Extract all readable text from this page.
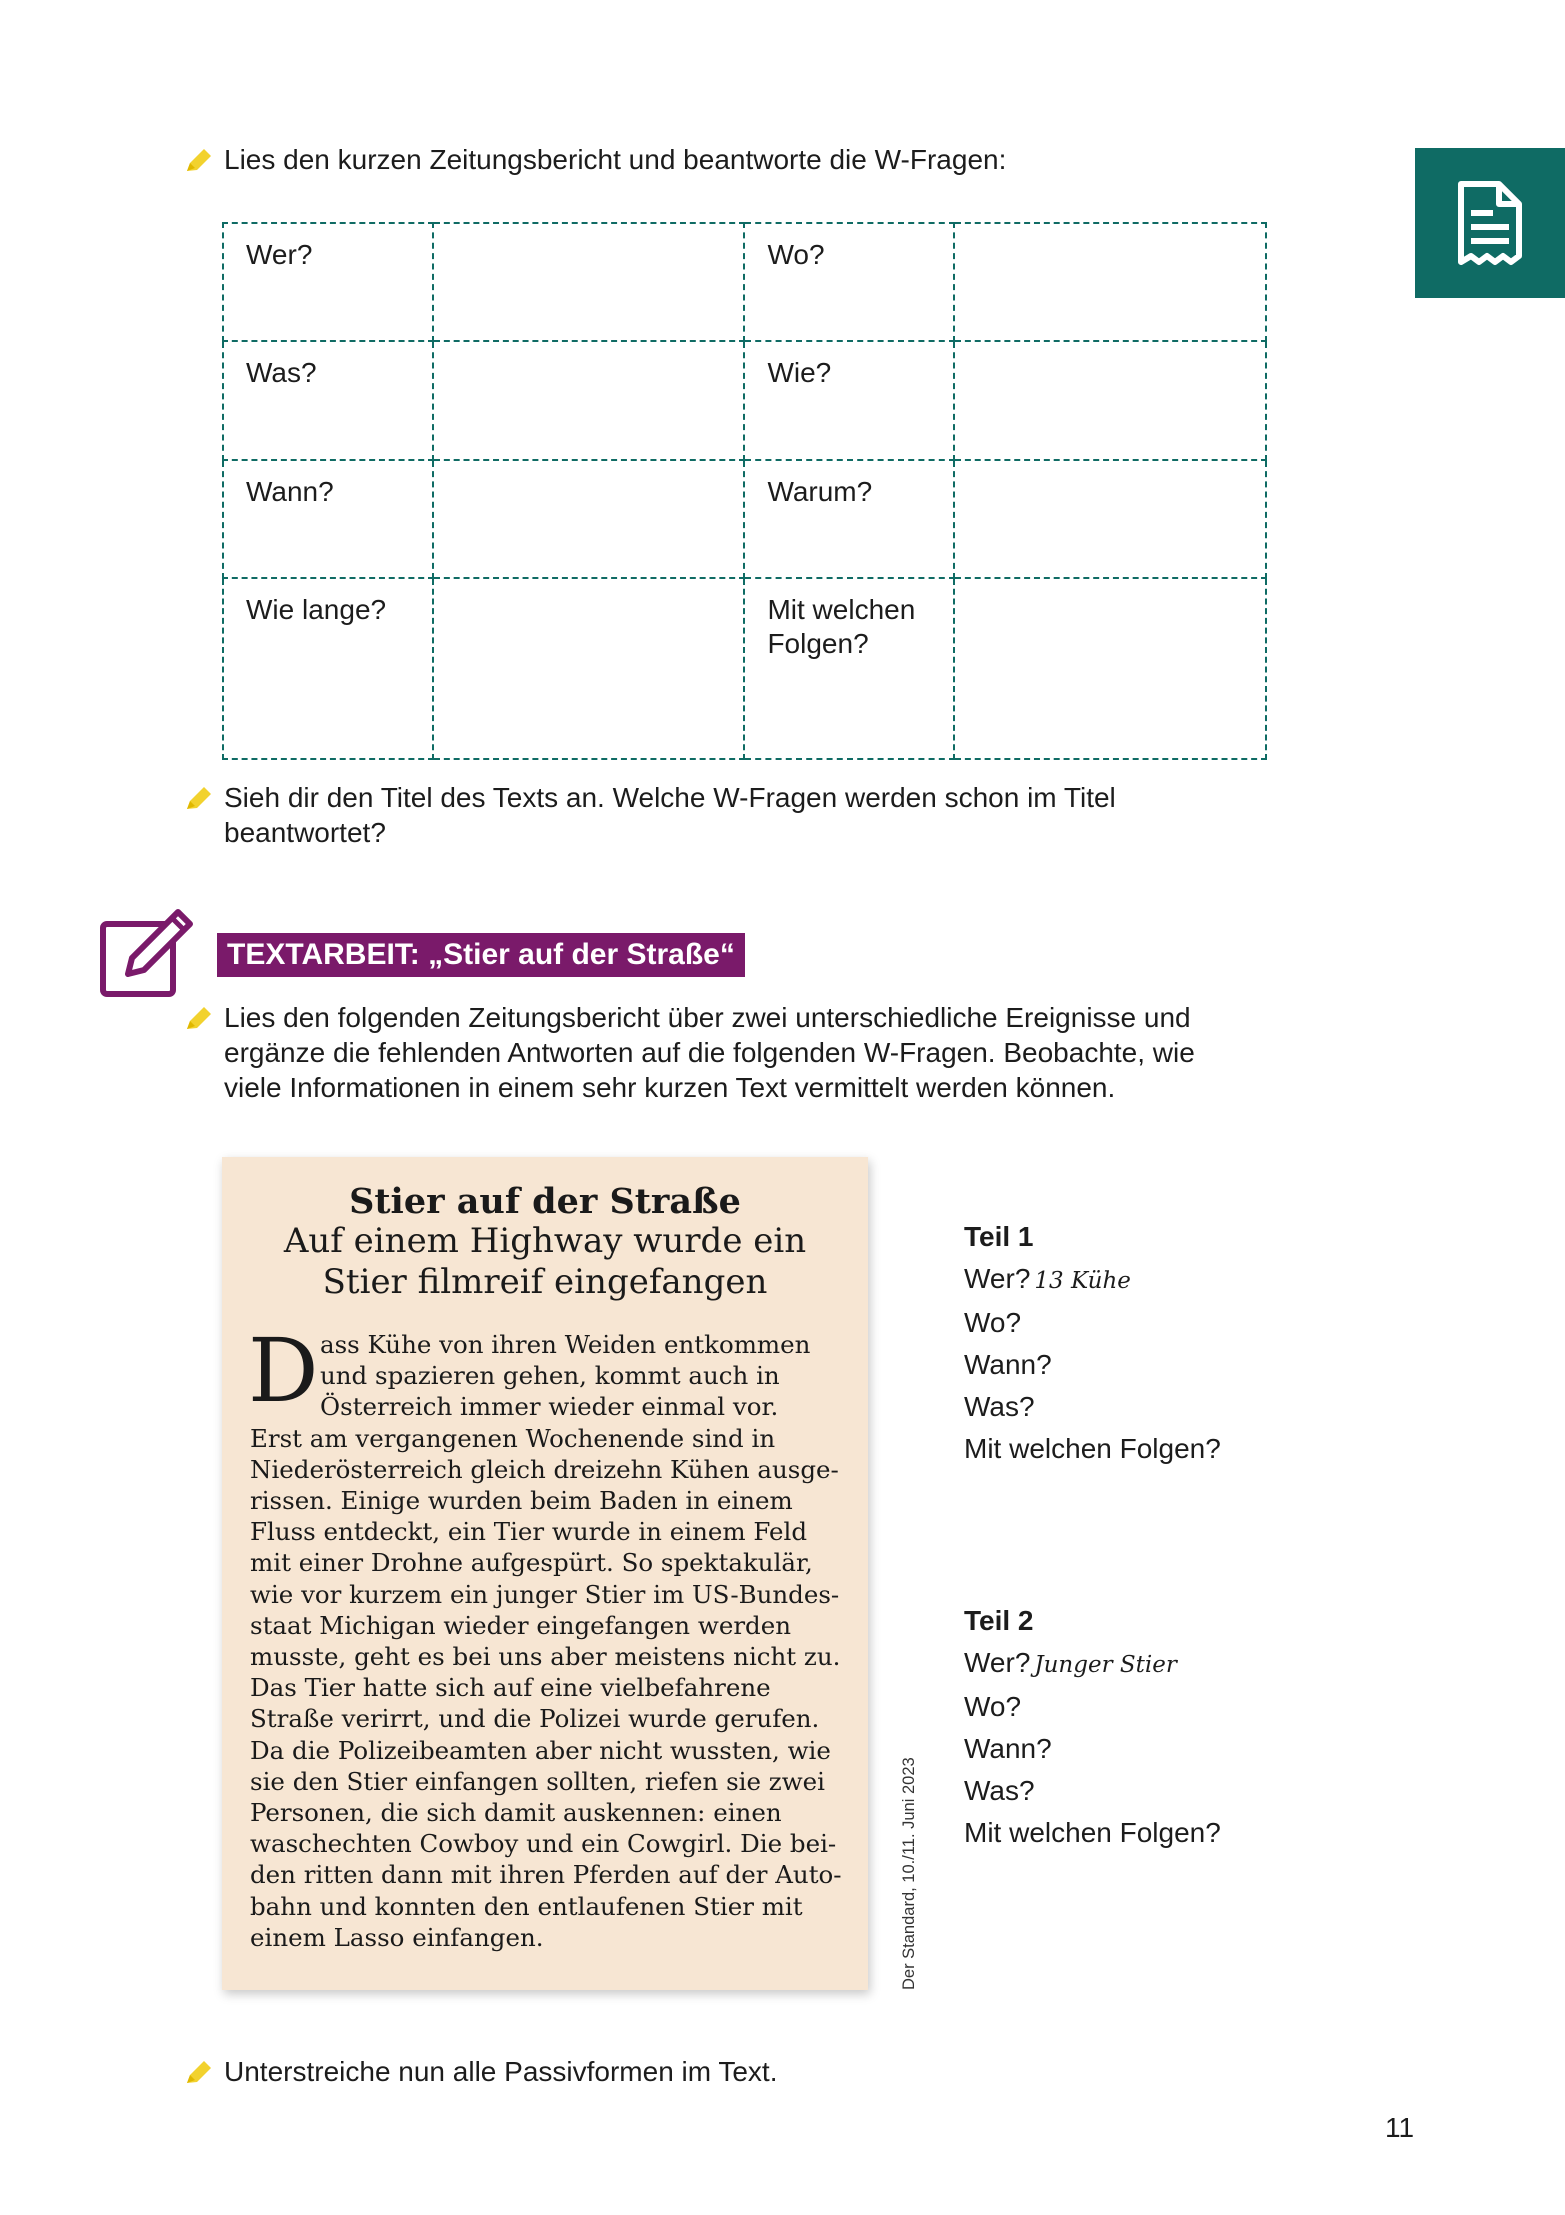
Lies den kurzen Zeitungsbericht und beantworte die W-Fragen:
Wer?		Wo?	
Was?		Wie?	
Wann?		Warum?	
Wie lange?		Mit welchen
Folgen?	
Sieh dir den Titel des Texts an. Welche W-Fragen werden schon im Titel
beantwortet?
TEXTARBEIT: „Stier auf der Straße“
Lies den folgenden Zeitungsbericht über zwei unterschiedliche Ereignisse und
ergänze die fehlenden Antworten auf die folgenden W-Fragen. Beobachte, wie
viele Informationen in einem sehr kurzen Text vermittelt werden können.
Stier auf der Straße
Auf einem Highway wurde ein
Stier filmreif eingefangen
D ass Kühe von ihren Weiden entkommen
und spazieren gehen, kommt auch in
Österreich immer wieder einmal vor.
Erst am vergangenen Wochenende sind in
Niederösterreich gleich dreizehn Kühen ausge-
rissen. Einige wurden beim Baden in einem
Fluss entdeckt, ein Tier wurde in einem Feld
mit einer Drohne aufgespürt. So spektakulär,
wie vor kurzem ein junger Stier im US-Bundes-
staat Michigan wieder eingefangen werden
musste, geht es bei uns aber meistens nicht zu.
Das Tier hatte sich auf eine vielbefahrene
Straße verirrt, und die Polizei wurde gerufen.
Da die Polizeibeamten aber nicht wussten, wie
sie den Stier einfangen sollten, riefen sie zwei
Personen, die sich damit auskennen: einen
waschechten Cowboy und ein Cowgirl. Die bei-
den ritten dann mit ihren Pferden auf der Auto-
bahn und konnten den entlaufenen Stier mit
einem Lasso einfangen.	Der Standard, 10./11. Juni 2023
Teil 1
Wer? 13 Kühe
Wo?
Wann?
Was?
Mit welchen Folgen?
Teil 2
Wer? Junger Stier
Wo?
Wann?
Was?
Mit welchen Folgen?
Unterstreiche nun alle Passivformen im Text.
11
